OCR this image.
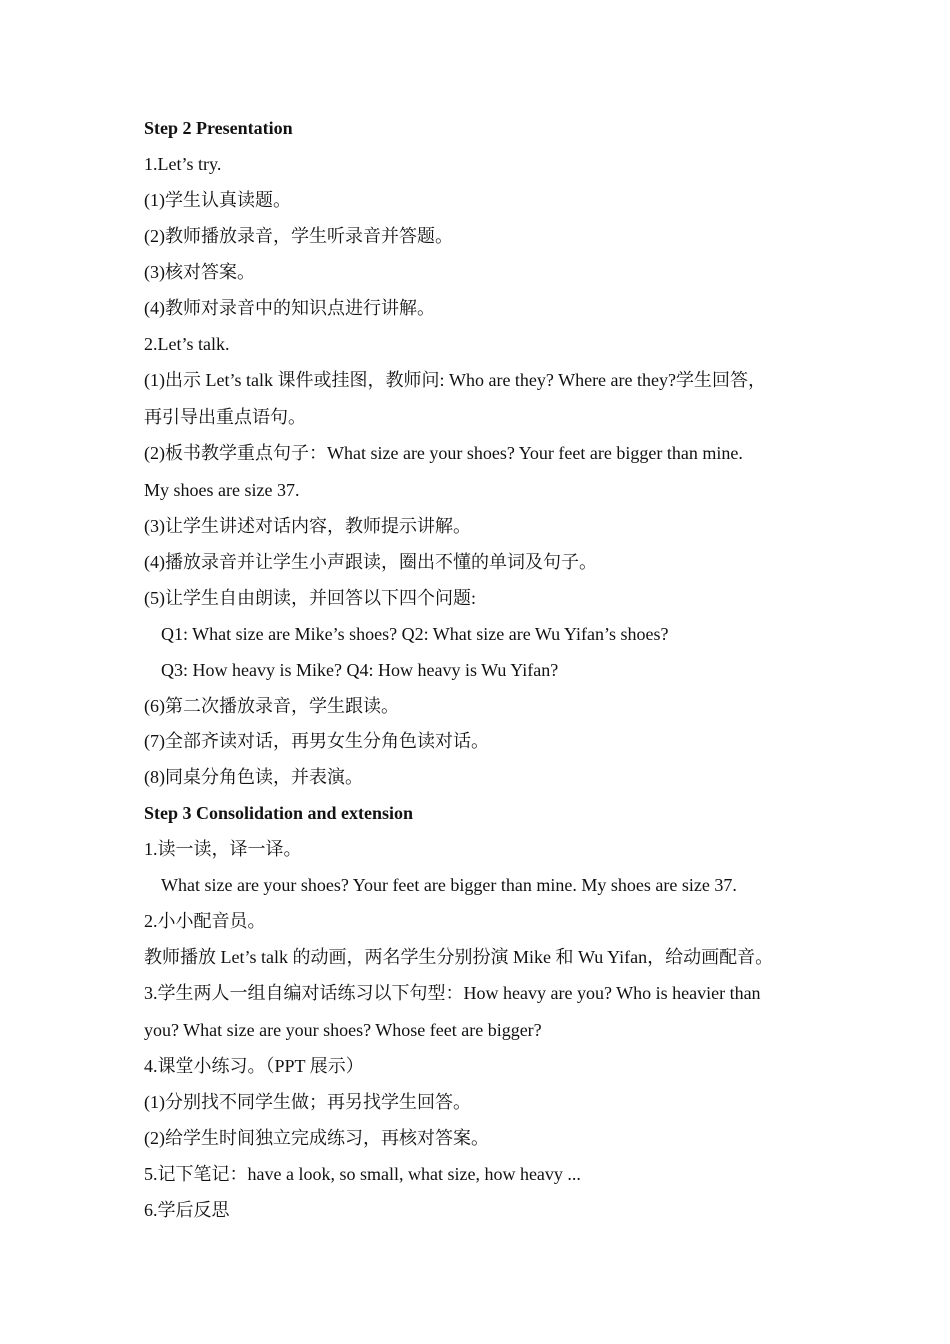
Step 2 Presentation
1.Let’s try.
(1)学生认真读题。
(2)教师播放录音，学生听录音并答题。
(3)核对答案。
(4)教师对录音中的知识点进行讲解。
2.Let’s talk.
(1)出示 Let’s talk 课件或挂图，教师问: Who are they? Where are they?学生回答，
再引导出重点语句。
(2)板书教学重点句子：What size are your shoes? Your feet are bigger than mine.
My shoes are size 37.
(3)让学生讲述对话内容，教师提示讲解。
(4)播放录音并让学生小声跟读，圈出不懂的单词及句子。
(5)让学生自由朗读，并回答以下四个问题:
Q1: What size are Mike’s shoes? Q2: What size are Wu Yifan’s shoes?
Q3: How heavy is Mike? Q4: How heavy is Wu Yifan?
(6)第二次播放录音，学生跟读。
(7)全部齐读对话，再男女生分角色读对话。
(8)同桌分角色读，并表演。
Step 3 Consolidation and extension
1.读一读，译一译。
What size are your shoes? Your feet are bigger than mine. My shoes are size 37.
2.小小配音员。
教师播放 Let’s talk 的动画，两名学生分别扮演 Mike 和 Wu Yifan，给动画配音。
3.学生两人一组自编对话练习以下句型：How heavy are you? Who is heavier than
you? What size are your shoes? Whose feet are bigger?
4.课堂小练习。（PPT 展示）
(1)分别找不同学生做；再另找学生回答。
(2)给学生时间独立完成练习，再核对答案。
5.记下笔记：have a look, so small, what size, how heavy ...
6.学后反思
